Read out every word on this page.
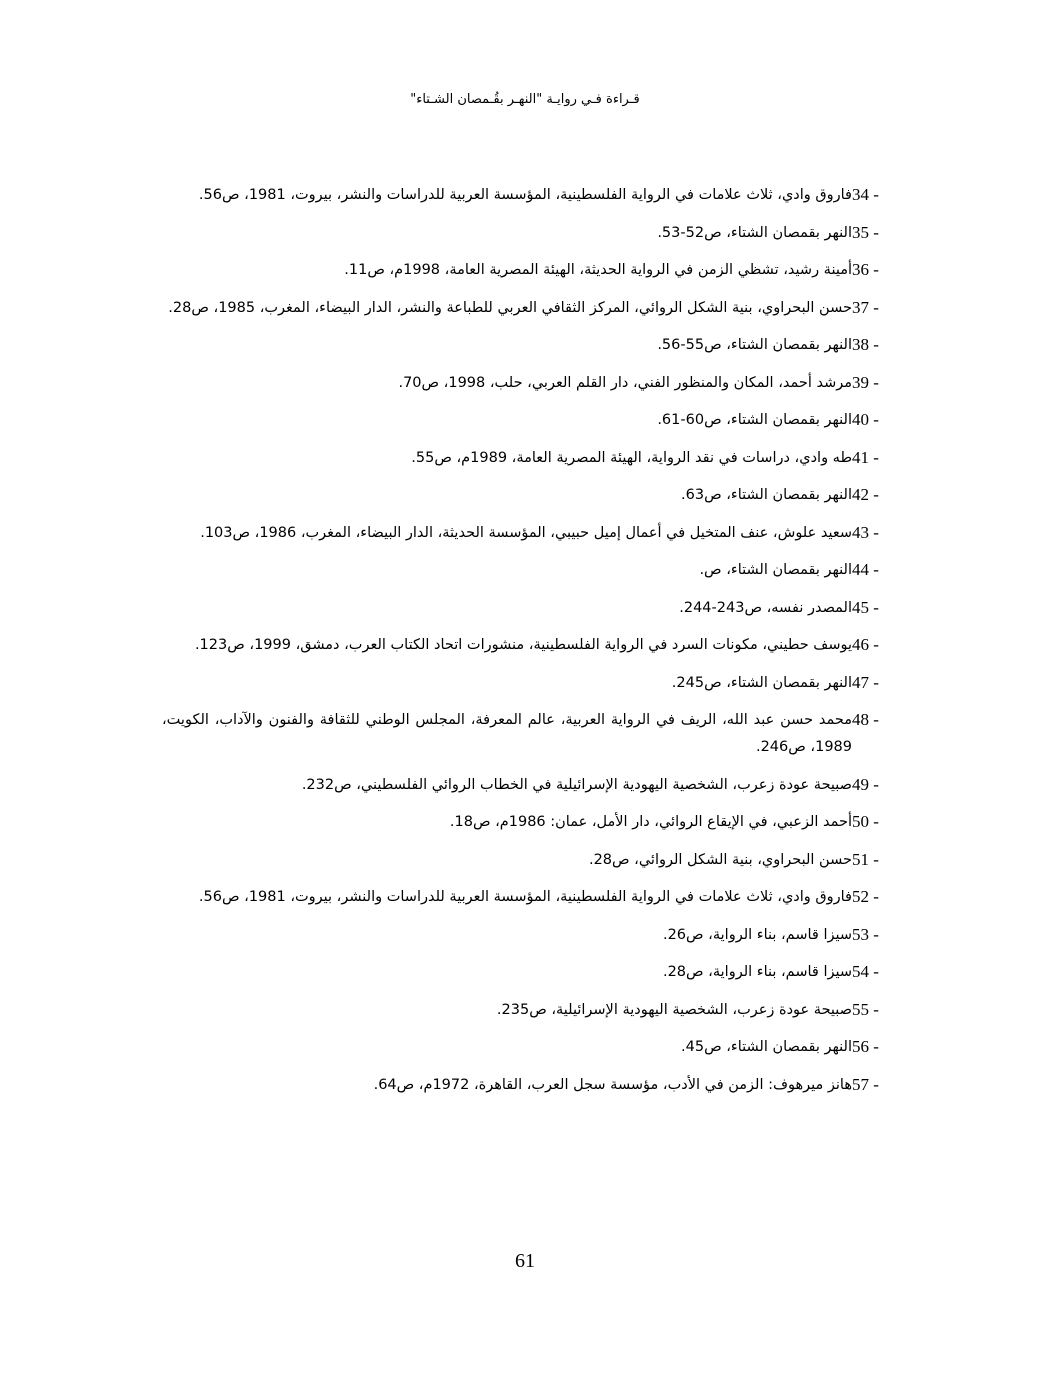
قـراءة فـي روايـة "النهـر بقُـمصان الشـتاء"
34 -
فاروق وادي، ثلاث علامات في الرواية الفلسطينية، المؤسسة العربية للدراسات والنشر، بيروت، 1981، ص56.
35 -
النهر بقمصان الشتاء، ص52-53.
36 -
أمينة رشيد، تشظي الزمن في الرواية الحديثة، الهيئة المصرية العامة، 1998م، ص11.
37 -
حسن البحراوي، بنية الشكل الروائي، المركز الثقافي العربي للطباعة والنشر، الدار البيضاء، المغرب، 1985، ص28.
38 -
النهر بقمصان الشتاء، ص55-56.
39 -
مرشد أحمد، المكان والمنظور الفني، دار القلم العربي، حلب، 1998، ص70.
40 -
النهر بقمصان الشتاء، ص60-61.
41 -
طه وادي، دراسات في نقد الرواية، الهيئة المصرية العامة، 1989م، ص55.
42 -
النهر بقمصان الشتاء، ص63.
43 -
سعيد علوش، عنف المتخيل في أعمال إميل حبيبي، المؤسسة الحديثة، الدار البيضاء، المغرب، 1986، ص103.
44 -
النهر بقمصان الشتاء، ص.
45 -
المصدر نفسه، ص243-244.
46 -
يوسف حطيني، مكونات السرد في الرواية الفلسطينية، منشورات اتحاد الكتاب العرب، دمشق، 1999، ص123.
47 -
النهر بقمصان الشتاء، ص245.
48 -
محمد حسن عبد الله، الريف في الرواية العربية، عالم المعرفة، المجلس الوطني للثقافة والفنون والآداب، الكويت، 1989، ص246.
49 -
صبيحة عودة زعرب، الشخصية اليهودية الإسرائيلية في الخطاب الروائي الفلسطيني، ص232.
50 -
أحمد الزعبي، في الإيقاع الروائي، دار الأمل، عمان: 1986م، ص18.
51 -
حسن البحراوي، بنية الشكل الروائي، ص28.
52 -
فاروق وادي، ثلاث علامات في الرواية الفلسطينية، المؤسسة العربية للدراسات والنشر، بيروت، 1981، ص56.
53 -
سيزا قاسم، بناء الرواية، ص26.
54 -
سيزا قاسم، بناء الرواية، ص28.
55 -
صبيحة عودة زعرب، الشخصية اليهودية الإسرائيلية، ص235.
56 -
النهر بقمصان الشتاء، ص45.
57 -
هانز ميرهوف: الزمن في الأدب، مؤسسة سجل العرب، القاهرة، 1972م، ص64.
61
